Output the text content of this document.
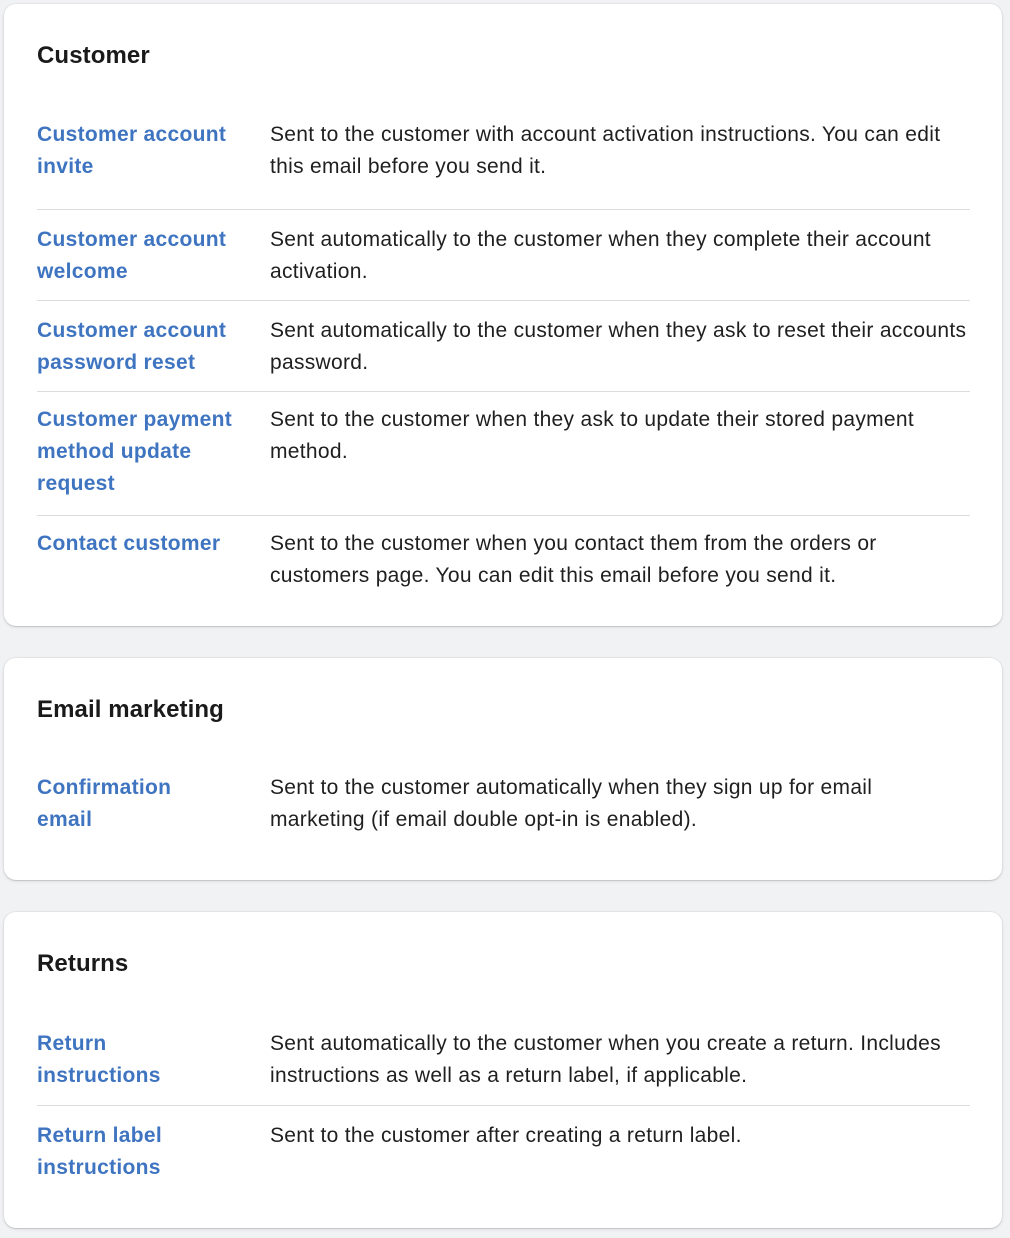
Customer
Customer account invite
Sent to the customer with account activation instructions. You can edit this email before you send it.
Customer account welcome
Sent automatically to the customer when they complete their account activation.
Customer account password reset
Sent automatically to the customer when they ask to reset their accounts password.
Customer payment method update request
Sent to the customer when they ask to update their stored payment method.
Contact customer	Sent to the customer when you contact them from the orders or customers page. You can edit this email before you send it.
Email marketing
Confirmation email
Sent to the customer automatically when they sign up for email marketing (if email double opt-in is enabled).
Returns
Return instructions
Sent automatically to the customer when you create a return. Includes instructions as well as a return label, if applicable.
Return label instructions
Sent to the customer after creating a return label.
